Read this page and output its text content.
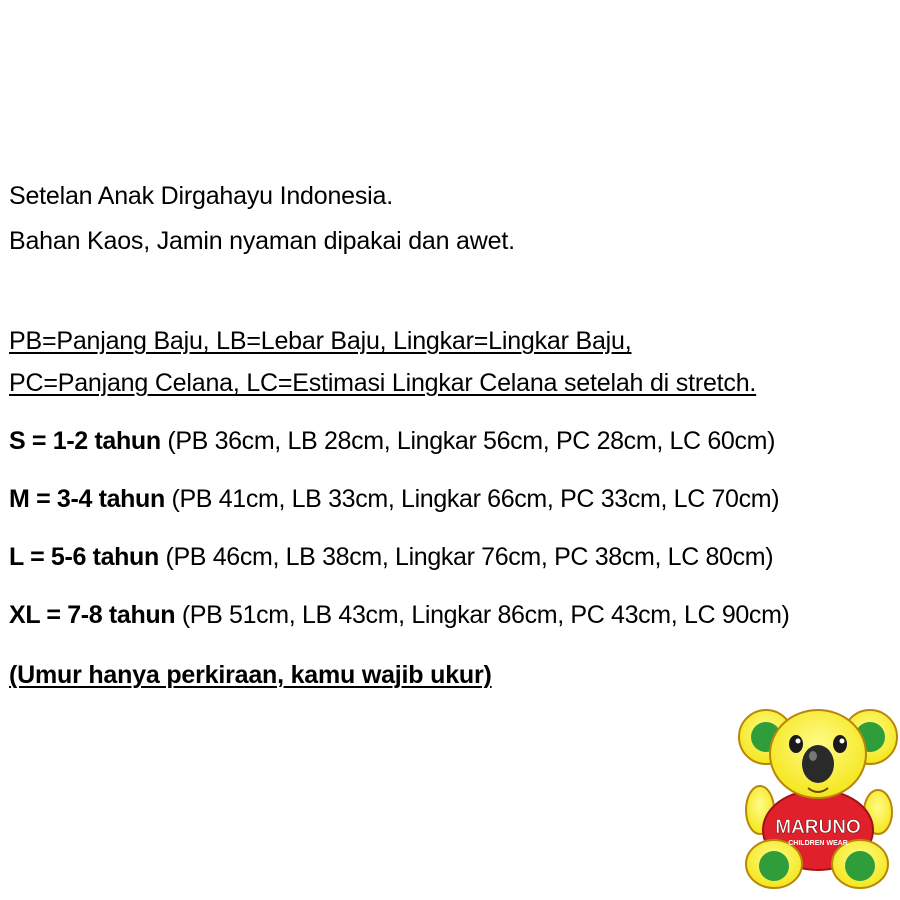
Setelan Anak Dirgahayu Indonesia.
Bahan Kaos, Jamin nyaman dipakai dan awet.
PB=Panjang Baju, LB=Lebar Baju, Lingkar=Lingkar Baju,
PC=Panjang Celana, LC=Estimasi Lingkar Celana setelah di stretch.
S = 1-2 tahun (PB 36cm, LB 28cm, Lingkar 56cm, PC 28cm, LC 60cm)
M = 3-4 tahun (PB 41cm, LB 33cm, Lingkar 66cm, PC 33cm, LC 70cm)
L = 5-6 tahun (PB 46cm, LB 38cm, Lingkar 76cm, PC 38cm, LC 80cm)
XL = 7-8 tahun (PB 51cm, LB 43cm, Lingkar 86cm, PC 43cm, LC 90cm)
(Umur hanya perkiraan, kamu wajib ukur)
MARUNO
CHILDREN WEAR
